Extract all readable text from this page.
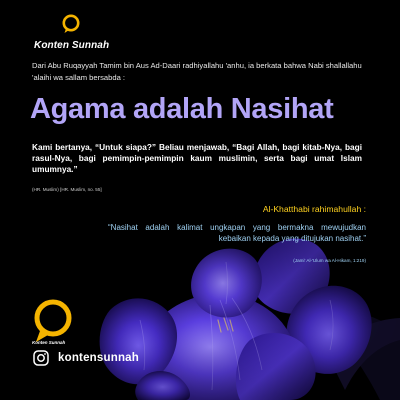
Konten Sunnah
Dari Abu Ruqayyah Tamim bin Aus Ad-Daari radhiyallahu 'anhu, ia berkata bahwa Nabi shallallahu 'alaihi wa sallam bersabda :
Agama adalah Nasihat
Kami bertanya, “Untuk siapa?” Beliau menjawab, “Bagi Allah, bagi kitab-Nya, bagi rasul-Nya, bagi pemimpin-pemimpin kaum muslimin, serta bagi umat Islam umumnya.”
(HR. Muslim) [HR. Muslim, no. 55]
Al-Khatthabi rahimahullah :
“Nasihat adalah kalimat ungkapan yang bermakna mewujudkan kebaikan kepada yang ditujukan nasihat.”
(Jami' Al-'Ulum wa Al-Hikam, 1:219)
Konten Sunnah
kontensunnah
